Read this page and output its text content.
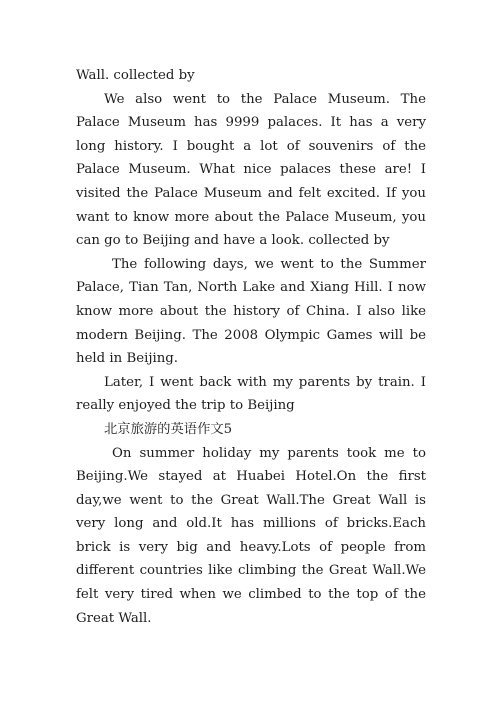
Wall. collected by

We also went to the Palace Museum. The Palace Museum has 9999 palaces. It has a very long history. I bought a lot of souvenirs of the Palace Museum. What nice palaces these are! I visited the Palace Museum and felt excited. If you want to know more about the Palace Museum, you can go to Beijing and have a look. collected by

The following days, we went to the Summer Palace, Tian Tan, North Lake and Xiang Hill. I now know more about the history of China. I also like modern Beijing. The 2008 Olympic Games will be held in Beijing.

Later, I went back with my parents by train. I really enjoyed the trip to Beijing

北京旅游的英语作文5

On summer holiday my parents took me to Beijing.We stayed at Huabei Hotel.On the first day,we went to the Great Wall.The Great Wall is very long and old.It has millions of bricks.Each brick is very big and heavy.Lots of people from different countries like climbing the Great Wall.We felt very tired when we climbed to the top of the Great Wall.
